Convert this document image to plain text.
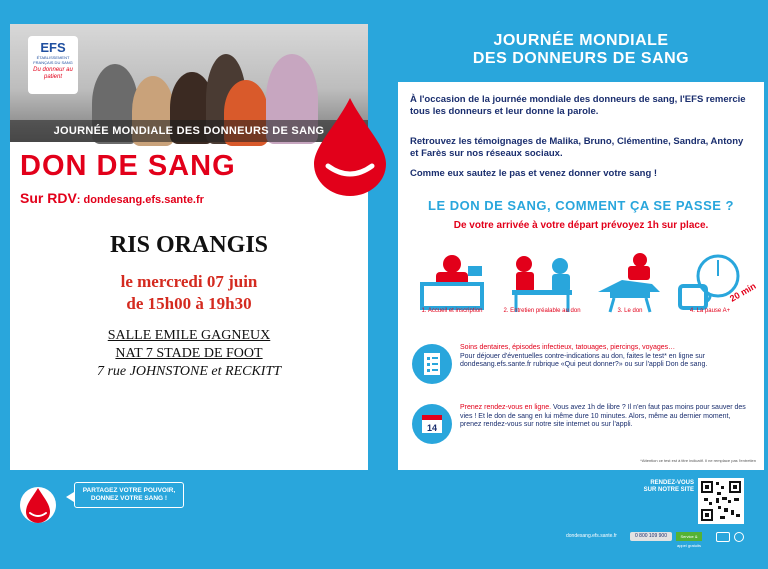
EFS
ÉTABLISSEMENT FRANÇAIS DU SANG
Du donneur au patient
JOURNÉE MONDIALE DES DONNEURS DE SANG
DON DE SANG
Sur RDV: dondesang.efs.sante.fr
RIS ORANGIS
le mercredi 07 juin
de 15h00 à 19h30
SALLE EMILE GAGNEUX
NAT 7 STADE DE FOOT
7 rue JOHNSTONE et RECKITT
PARTAGEZ VOTRE POUVOIR,
DONNEZ VOTRE SANG !
JOURNÉE MONDIALE
DES DONNEURS DE SANG
À l'occasion de la journée mondiale des donneurs de sang, l'EFS remercie tous les donneurs et leur donne la parole.
Retrouvez les témoignages de Malika, Bruno, Clémentine, Sandra, Antony et Farès sur nos réseaux sociaux.
Comme eux sautez le pas et venez donner votre sang !
LE DON DE SANG, COMMENT ÇA SE PASSE ?
De votre arrivée à votre départ prévoyez 1h sur place.
1. Accueil et inscription	2. Entretien préalable au don	3. Le don
20 min
4. La pause A+
Soins dentaires, épisodes infectieux, tatouages, piercings, voyages…
Pour déjouer d'éventuelles contre-indications au don, faites le test* en ligne sur dondesang.efs.sante.fr rubrique «Qui peut donner?» ou sur l'appli Don de sang.
14
Prenez rendez-vous en ligne. Vous avez 1h de libre ? Il n'en faut pas moins pour sauver des vies ! Et le don de sang en lui même dure 10 minutes. Alors, même au dernier moment, prenez rendez-vous sur notre site internet ou sur l'appli.
*Attention ce test est à titre indicatif. Il ne remplace pas l'entretien
RENDEZ-VOUS
SUR NOTRE SITE
dondesang.efs.sante.fr	0 800 109 900	Service & appel gratuits
